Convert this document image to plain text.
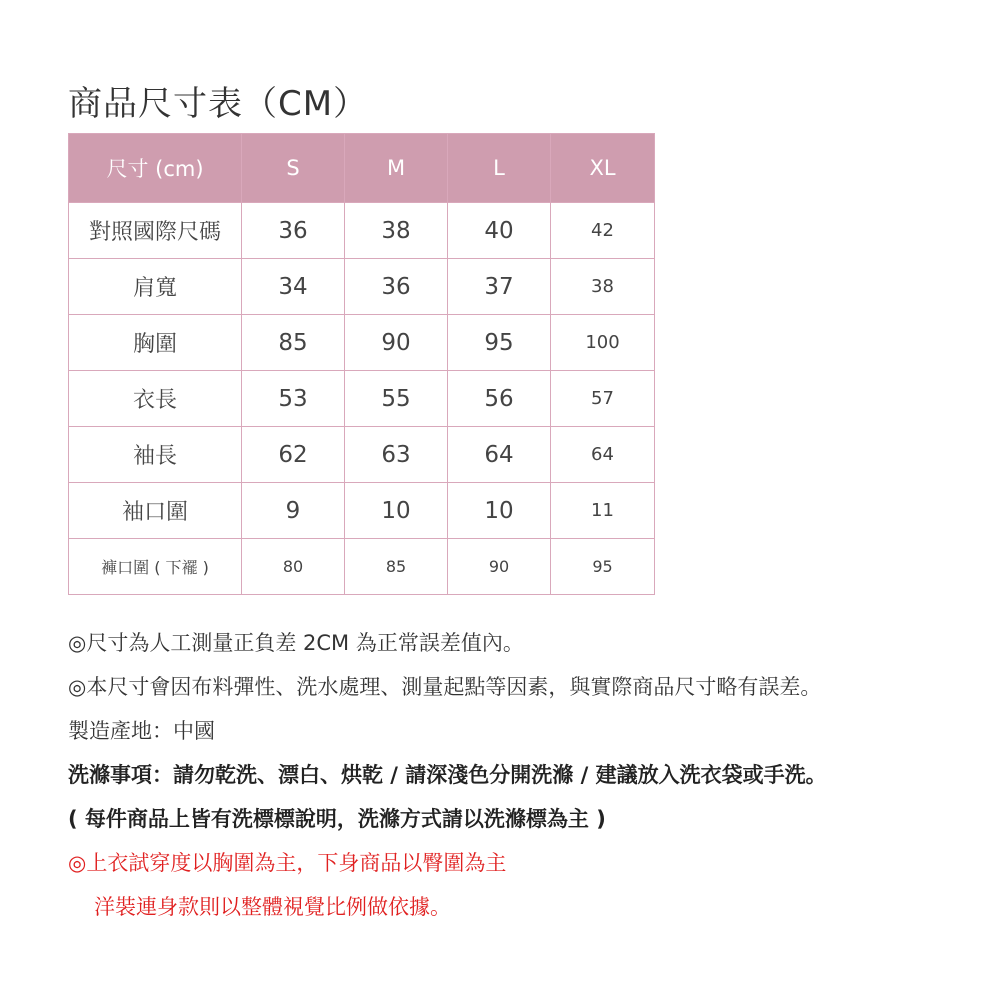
商品尺寸表（CM）
尺寸 (cm)	S	M	L	XL
對照國際尺碼	36	38	40	42
肩寬	34	36	37	38
胸圍	85	90	95	100
衣長	53	55	56	57
袖長	62	63	64	64
袖口圍	9	10	10	11
褲口圍 ( 下襬 )	80	85	90	95
◎尺寸為人工測量正負差 2CM 為正常誤差值內。
◎本尺寸會因布料彈性、洗水處理、測量起點等因素，與實際商品尺寸略有誤差。
製造產地：中國
洗滌事項：請勿乾洗、漂白、烘乾 / 請深淺色分開洗滌 / 建議放入洗衣袋或手洗。
( 每件商品上皆有洗標標說明，洗滌方式請以洗滌標為主 )
◎上衣試穿度以胸圍為主，下身商品以臀圍為主
洋裝連身款則以整體視覺比例做依據。
